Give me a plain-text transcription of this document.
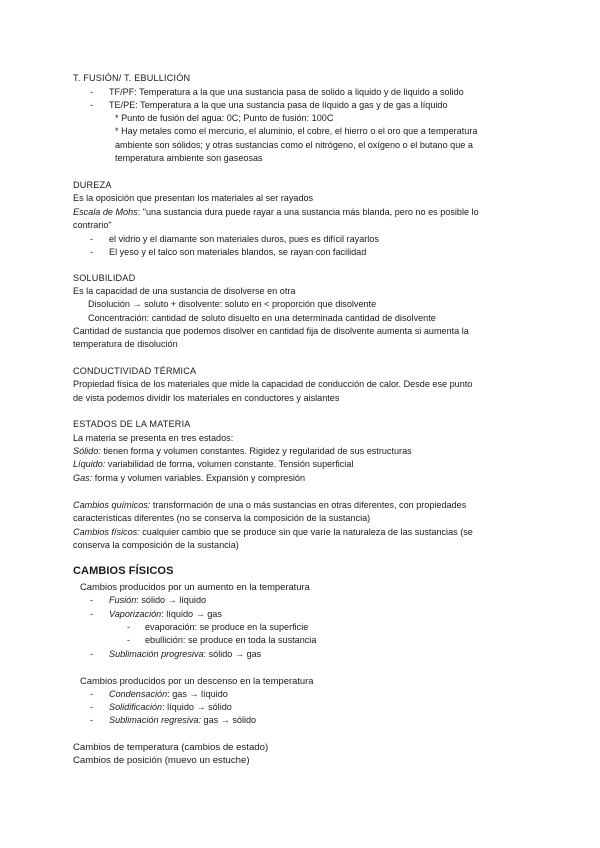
T. FUSIÓN/ T. EBULLICIÓN
- TF/PF: Temperatura a la que una sustancia pasa de solido a liquido y de liquido a solido
- TE/PE: Temperatura a la que una sustancia pasa de líquido a gas y de gas a líquido
* Punto de fusión del agua: 0C; Punto de fusión: 100C
* Hay metales como el mercurio, el aluminio, el cobre, el hierro o el oro que a temperatura
ambiente son sólidos; y otras sustancias como el nitrógeno, el oxígeno o el butano que a
temperatura ambiente son gaseosas
DUREZA
Es la oposición que presentan los materiales al ser rayados
Escala de Mohs: "una sustancia dura puede rayar a una sustancia más blanda, pero no es posible lo
contrario"
- el vidrio y el diamante son materiales duros, pues es difícil rayarlos
- El yeso y el talco son materiales blandos, se rayan con facilidad
SOLUBILIDAD
Es la capacidad de una sustancia de disolverse en otra
Disolución → soluto + disolvente: soluto en < proporción que disolvente
Concentración: cantidad de soluto disuelto en una determinada cantidad de disolvente
Cantidad de sustancia que podemos disolver en cantidad fija de disolvente aumenta si aumenta la
temperatura de disolución
CONDUCTIVIDAD TÉRMICA
Propiedad física de los materiales que mide la capacidad de conducción de calor. Desde ese punto
de vista podemos dividir los materiales en conductores y aislantes
ESTADOS DE LA MATERIA
La materia se presenta en tres estados:
Sólido: tienen forma y volumen constantes. Rigidez y regularidad de sus estructuras
Líquido: variabilidad de forma, volumen constante. Tensión superficial
Gas: forma y volumen variables. Expansión y compresión
Cambios químicos: transformación de una o más sustancias en otras diferentes, con propiedades
características diferentes (no se conserva la composición de la sustancia)
Cambios físicos: cualquier cambio que se produce sin que varíe la naturaleza de las sustancias (se
conserva la composición de la sustancia)
CAMBIOS FÍSICOS
Cambios producidos por un aumento en la temperatura
- Fusión: sólido → líquido
- Vaporización: líquido → gas
- evaporación: se produce en la superficie
- ebullición: se produce en toda la sustancia
- Sublimación progresiva: sólido → gas
Cambios producidos por un descenso en la temperatura
- Condensación: gas → líquido
- Solidificación: líquido → sólido
- Sublimación regresiva: gas → sólido
Cambios de temperatura (cambios de estado)
Cambios de posición (muevo un estuche)
